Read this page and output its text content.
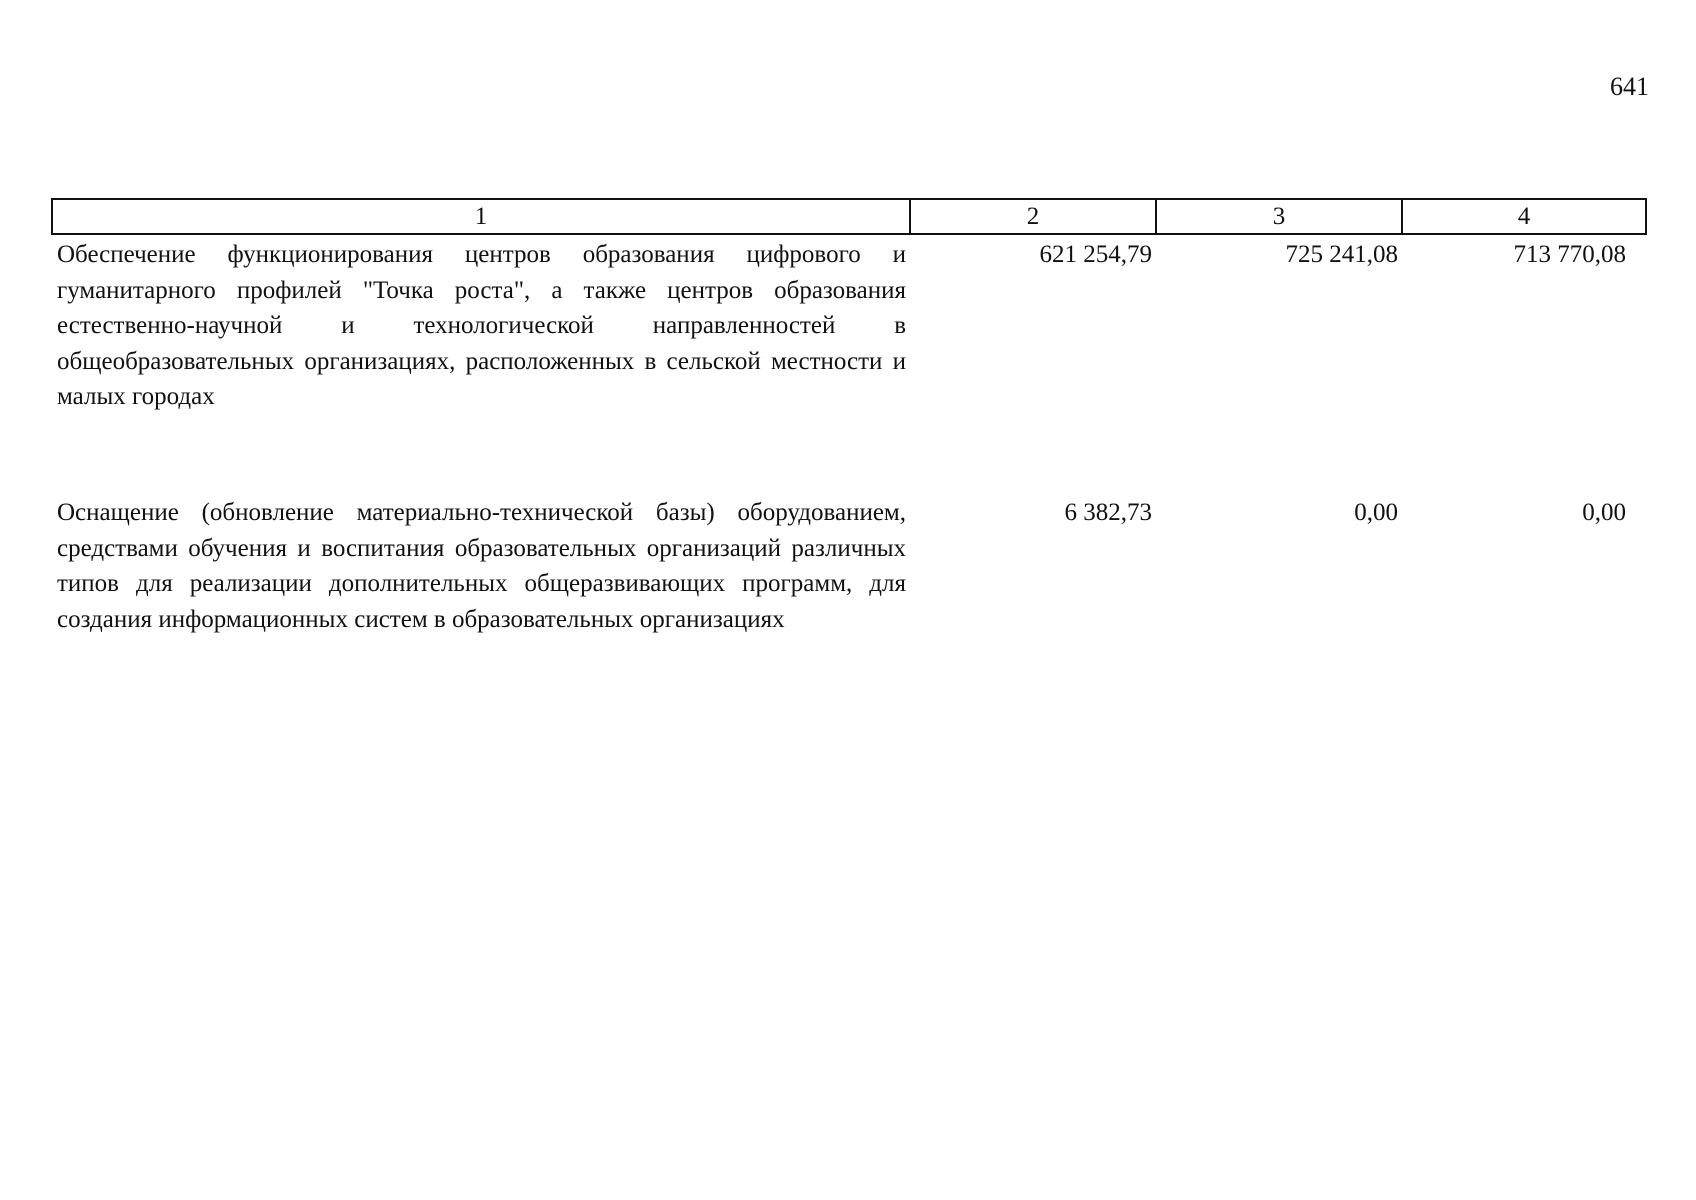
641
1	2	3	4
Обеспечение функционирования центров образования цифрового и гуманитарного профилей "Точка роста", а также центров образования естественно-научной и технологической направленностей в общеобразовательных организациях, расположенных в сельской местности и малых городах	621 254,79	725 241,08	713 770,08
Оснащение (обновление материально-технической базы) оборудованием, средствами обучения и воспитания образовательных организаций различных типов для реализации дополнительных общеразвивающих программ, для создания информационных систем в образовательных организациях	6 382,73	0,00	0,00
